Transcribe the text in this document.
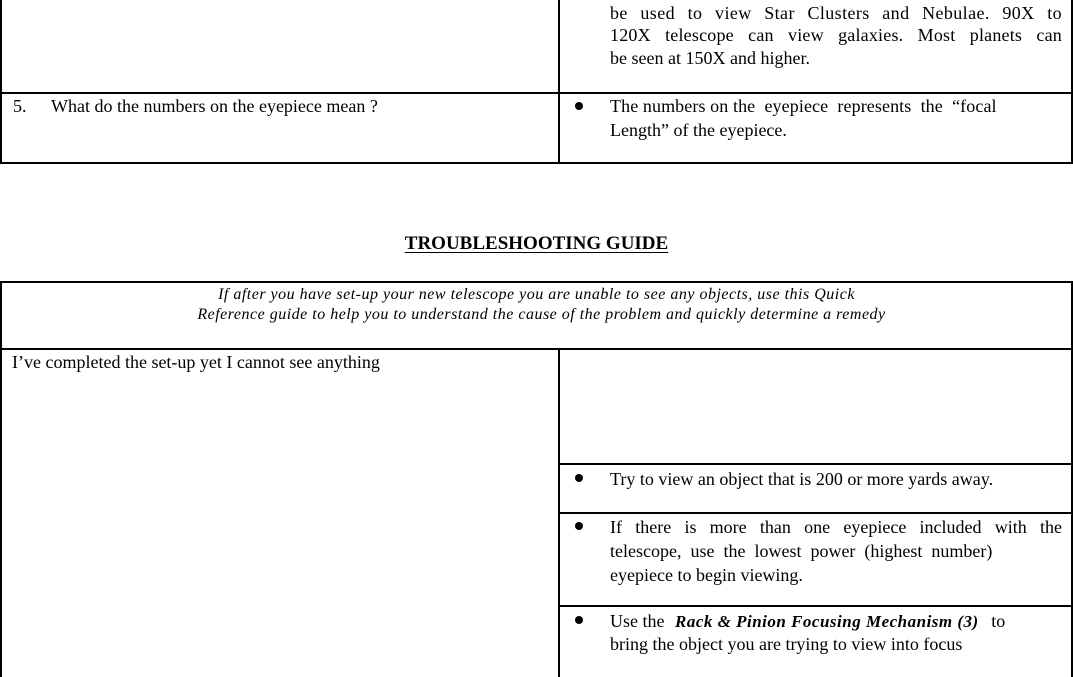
be used to view Star Clusters and Nebulae. 90X to
120X telescope can view galaxies. Most planets can
be seen at 150X and higher.
5. What do the numbers on the eyepiece mean ?	The numbers on the  eyepiece  represents  the  “focal
Length” of the eyepiece.
TROUBLESHOOTING GUIDE
If after you have set-up your new telescope you are unable to see any objects, use this Quick
Reference guide to help you to understand the cause of the problem and quickly determine a remedy
I’ve completed the set-up yet I cannot see anything
Try to view an object that is 200 or more yards away.
If there is more than one eyepiece included with the
telescope,  use  the  lowest  power  (highest  number)
eyepiece to begin viewing.
Use the Rack & Pinion Focusing Mechanism (3) to
bring the object you are trying to view into focus
